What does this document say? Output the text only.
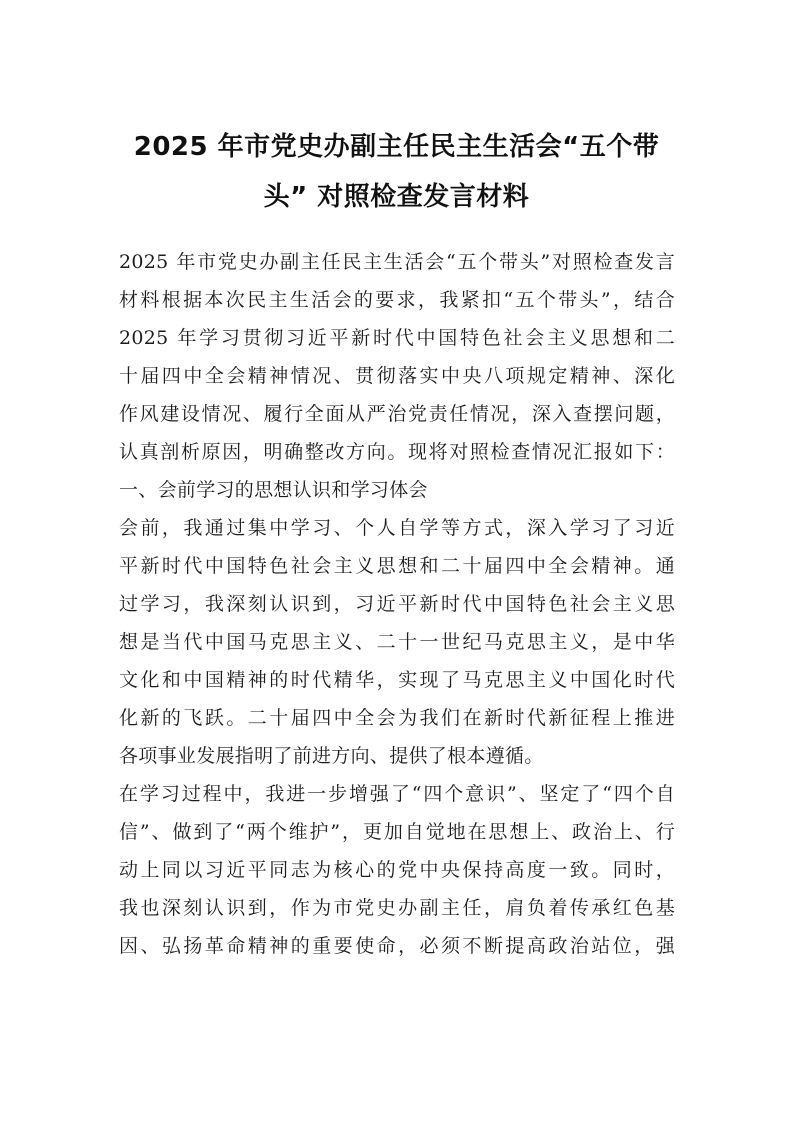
2025 年市党史办副主任民主生活会“五个带
头” 对照检查发言材料
2025 年市党史办副主任民主生活会“五个带头”对照检查发言
材料根据本次民主生活会的要求，我紧扣“五个带头”，结合
2025 年学习贯彻习近平新时代中国特色社会主义思想和二
十届四中全会精神情况、贯彻落实中央八项规定精神、深化
作风建设情况、履行全面从严治党责任情况，深入查摆问题，
认真剖析原因，明确整改方向。现将对照检查情况汇报如下：
一、会前学习的思想认识和学习体会
会前，我通过集中学习、个人自学等方式，深入学习了习近
平新时代中国特色社会主义思想和二十届四中全会精神。通
过学习，我深刻认识到，习近平新时代中国特色社会主义思
想是当代中国马克思主义、二十一世纪马克思主义，是中华
文化和中国精神的时代精华，实现了马克思主义中国化时代
化新的飞跃。二十届四中全会为我们在新时代新征程上推进
各项事业发展指明了前进方向、提供了根本遵循。
在学习过程中，我进一步增强了“四个意识”、坚定了“四个自
信”、做到了“两个维护”，更加自觉地在思想上、政治上、行
动上同以习近平同志为核心的党中央保持高度一致。同时，
我也深刻认识到，作为市党史办副主任，肩负着传承红色基
因、弘扬革命精神的重要使命，必须不断提高政治站位，强
